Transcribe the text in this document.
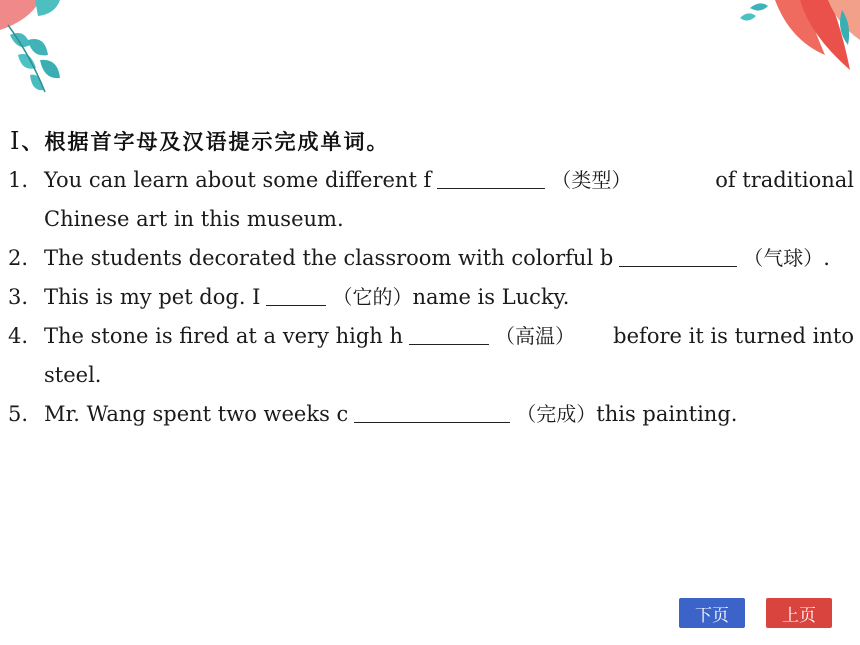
Ⅰ、根据首字母及汉语提示完成单词。
1. You can learn about some different f	（类型）	of traditional
Chinese art in this museum.
2. The students decorated the classroom with colorful b	（气球）.
3. This is my pet dog. I	（它的）name is Lucky.
4. The stone is fired at a very high h	（高温） before it is turned into
steel.
5. Mr. Wang spent two weeks c	（完成）this painting.
下页	上页
